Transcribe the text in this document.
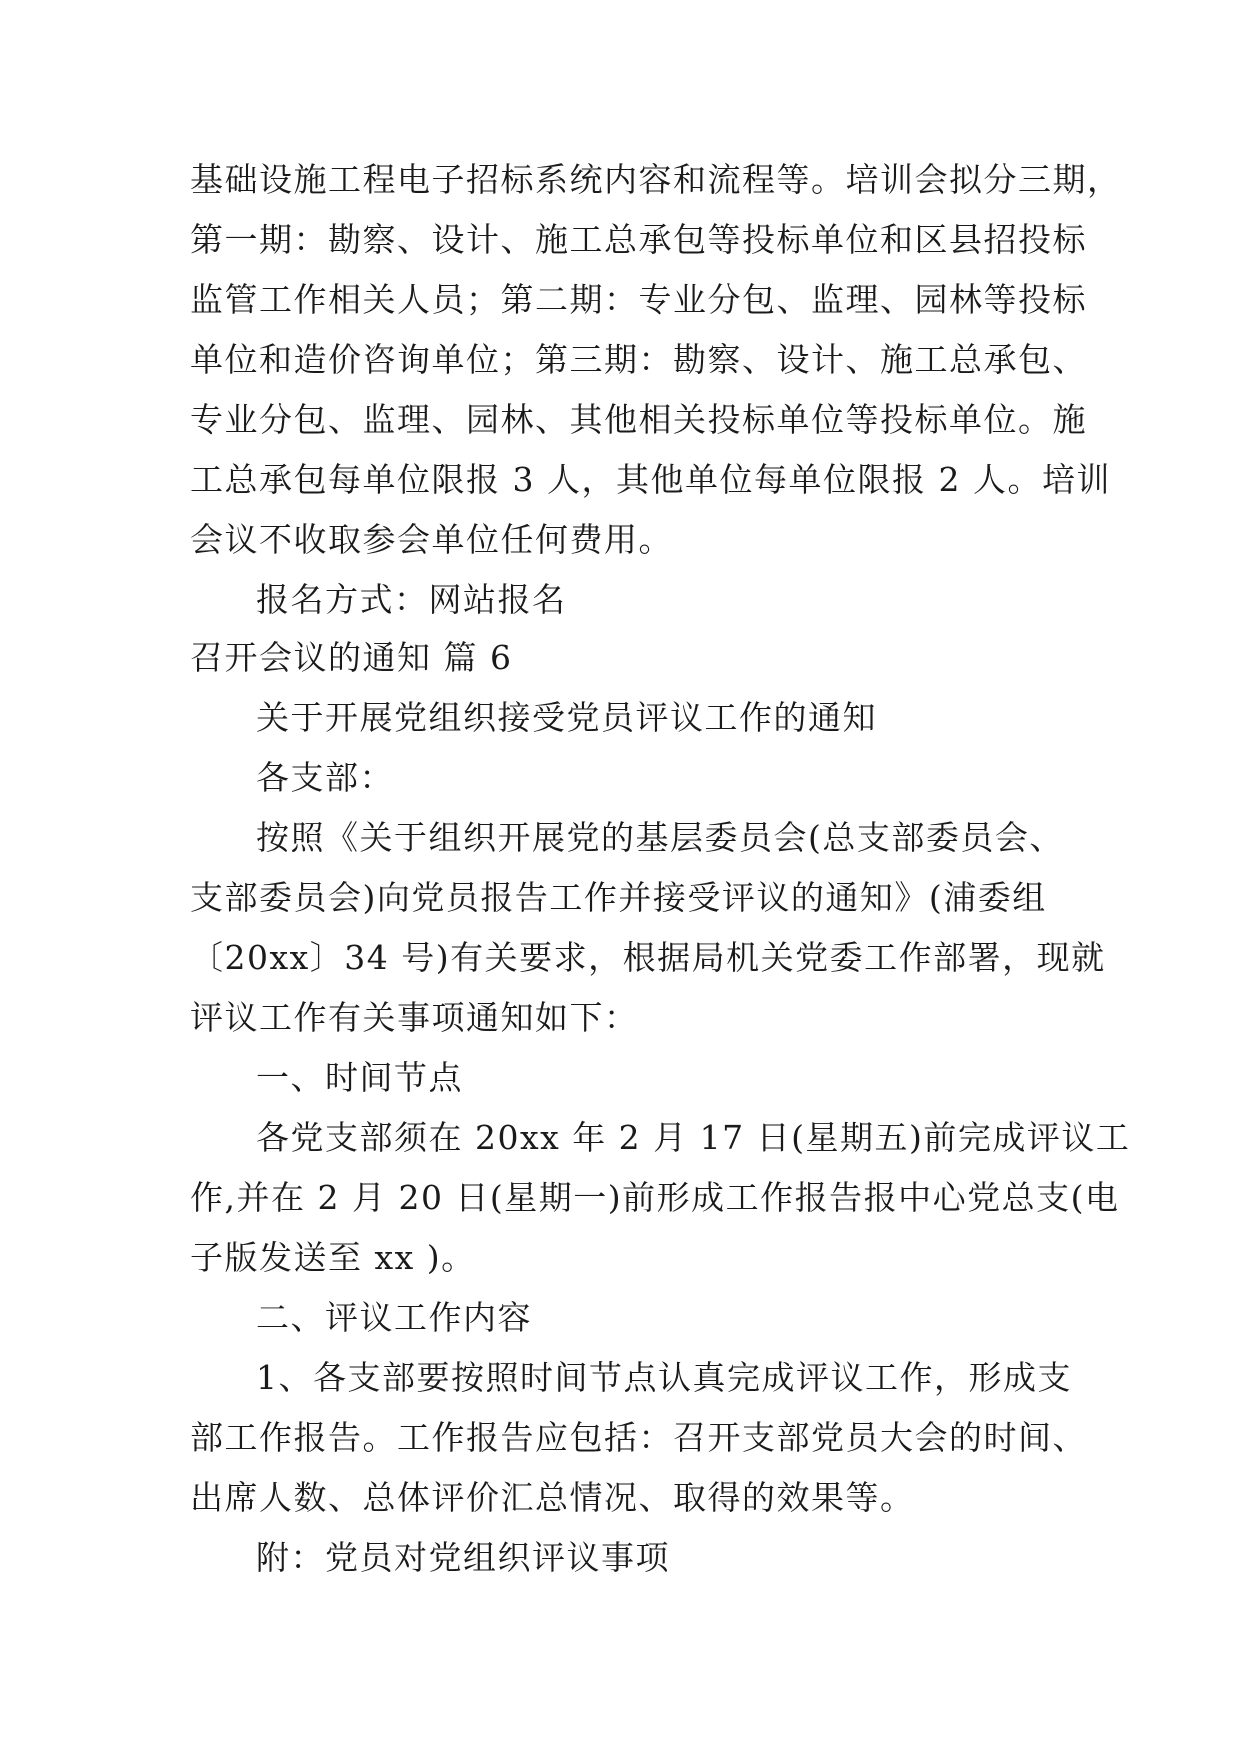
基础设施工程电子招标系统内容和流程等。培训会拟分三期，
第一期：勘察、设计、施工总承包等投标单位和区县招投标
监管工作相关人员；第二期：专业分包、监理、园林等投标
单位和造价咨询单位；第三期：勘察、设计、施工总承包、
专业分包、监理、园林、其他相关投标单位等投标单位。施
工总承包每单位限报 3 人，其他单位每单位限报 2 人。培训
会议不收取参会单位任何费用。
报名方式：网站报名
召开会议的通知 篇 6
关于开展党组织接受党员评议工作的通知
各支部：
按照《关于组织开展党的基层委员会(总支部委员会、
支部委员会)向党员报告工作并接受评议的通知》(浦委组
〔20xx〕34 号)有关要求，根据局机关党委工作部署，现就
评议工作有关事项通知如下：
一、时间节点
各党支部须在 20xx 年 2 月 17 日(星期五)前完成评议工
作,并在 2 月 20 日(星期一)前形成工作报告报中心党总支(电
子版发送至 xx )。
二、评议工作内容
1、各支部要按照时间节点认真完成评议工作，形成支
部工作报告。工作报告应包括：召开支部党员大会的时间、
出席人数、总体评价汇总情况、取得的效果等。
附：党员对党组织评议事项
